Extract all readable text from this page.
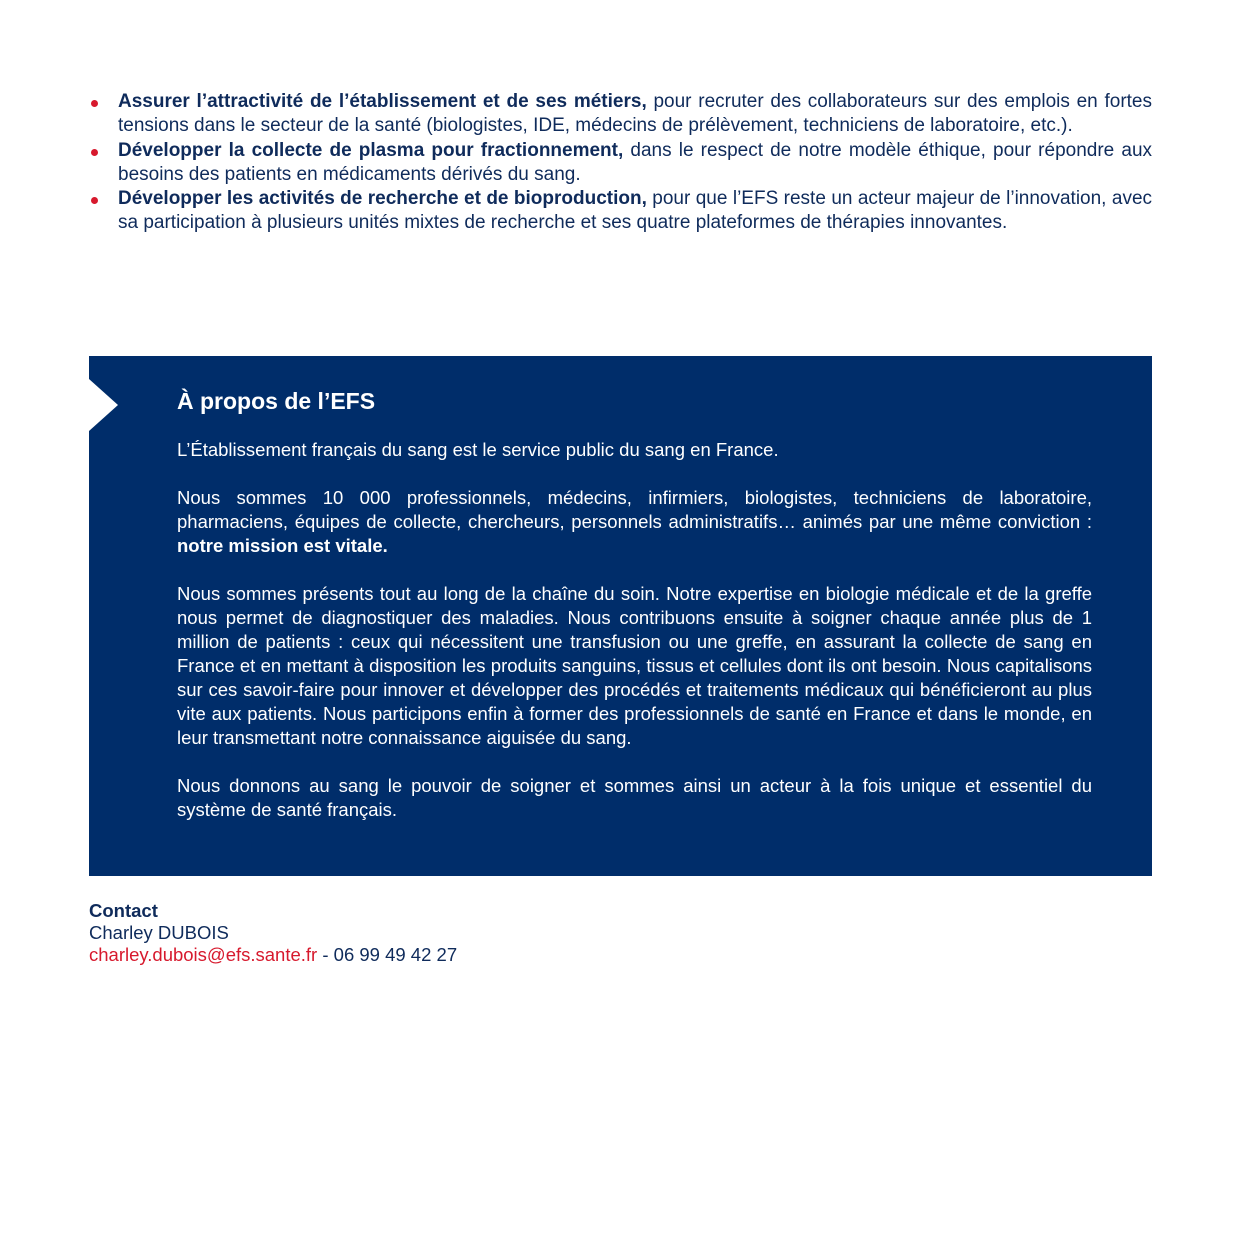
Assurer l’attractivité de l’établissement et de ses métiers, pour recruter des collaborateurs sur des emplois en fortes tensions dans le secteur de la santé (biologistes, IDE, médecins de prélèvement, techniciens de laboratoire, etc.).
Développer la collecte de plasma pour fractionnement, dans le respect de notre modèle éthique, pour répondre aux besoins des patients en médicaments dérivés du sang.
Développer les activités de recherche et de bioproduction, pour que l’EFS reste un acteur majeur de l’innovation, avec sa participation à plusieurs unités mixtes de recherche et ses quatre plateformes de thérapies innovantes.
À propos de l’EFS

L’Établissement français du sang est le service public du sang en France.

Nous sommes 10 000 professionnels, médecins, infirmiers, biologistes, techniciens de laboratoire, pharmaciens, équipes de collecte, chercheurs, personnels administratifs… animés par une même conviction : notre mission est vitale.

Nous sommes présents tout au long de la chaîne du soin. Notre expertise en biologie médicale et de la greffe nous permet de diagnostiquer des maladies. Nous contribuons ensuite à soigner chaque année plus de 1 million de patients : ceux qui nécessitent une transfusion ou une greffe, en assurant la collecte de sang en France et en mettant à disposition les produits sanguins, tissus et cellules dont ils ont besoin. Nous capitalisons sur ces savoir-faire pour innover et développer des procédés et traitements médicaux qui bénéficieront au plus vite aux patients. Nous participons enfin à former des professionnels de santé en France et dans le monde, en leur transmettant notre connaissance aiguisée du sang.

Nous donnons au sang le pouvoir de soigner et sommes ainsi un acteur à la fois unique et essentiel du système de santé français.

Contact
Charley DUBOIS
charley.dubois@efs.sante.fr - 06 99 49 42 27
